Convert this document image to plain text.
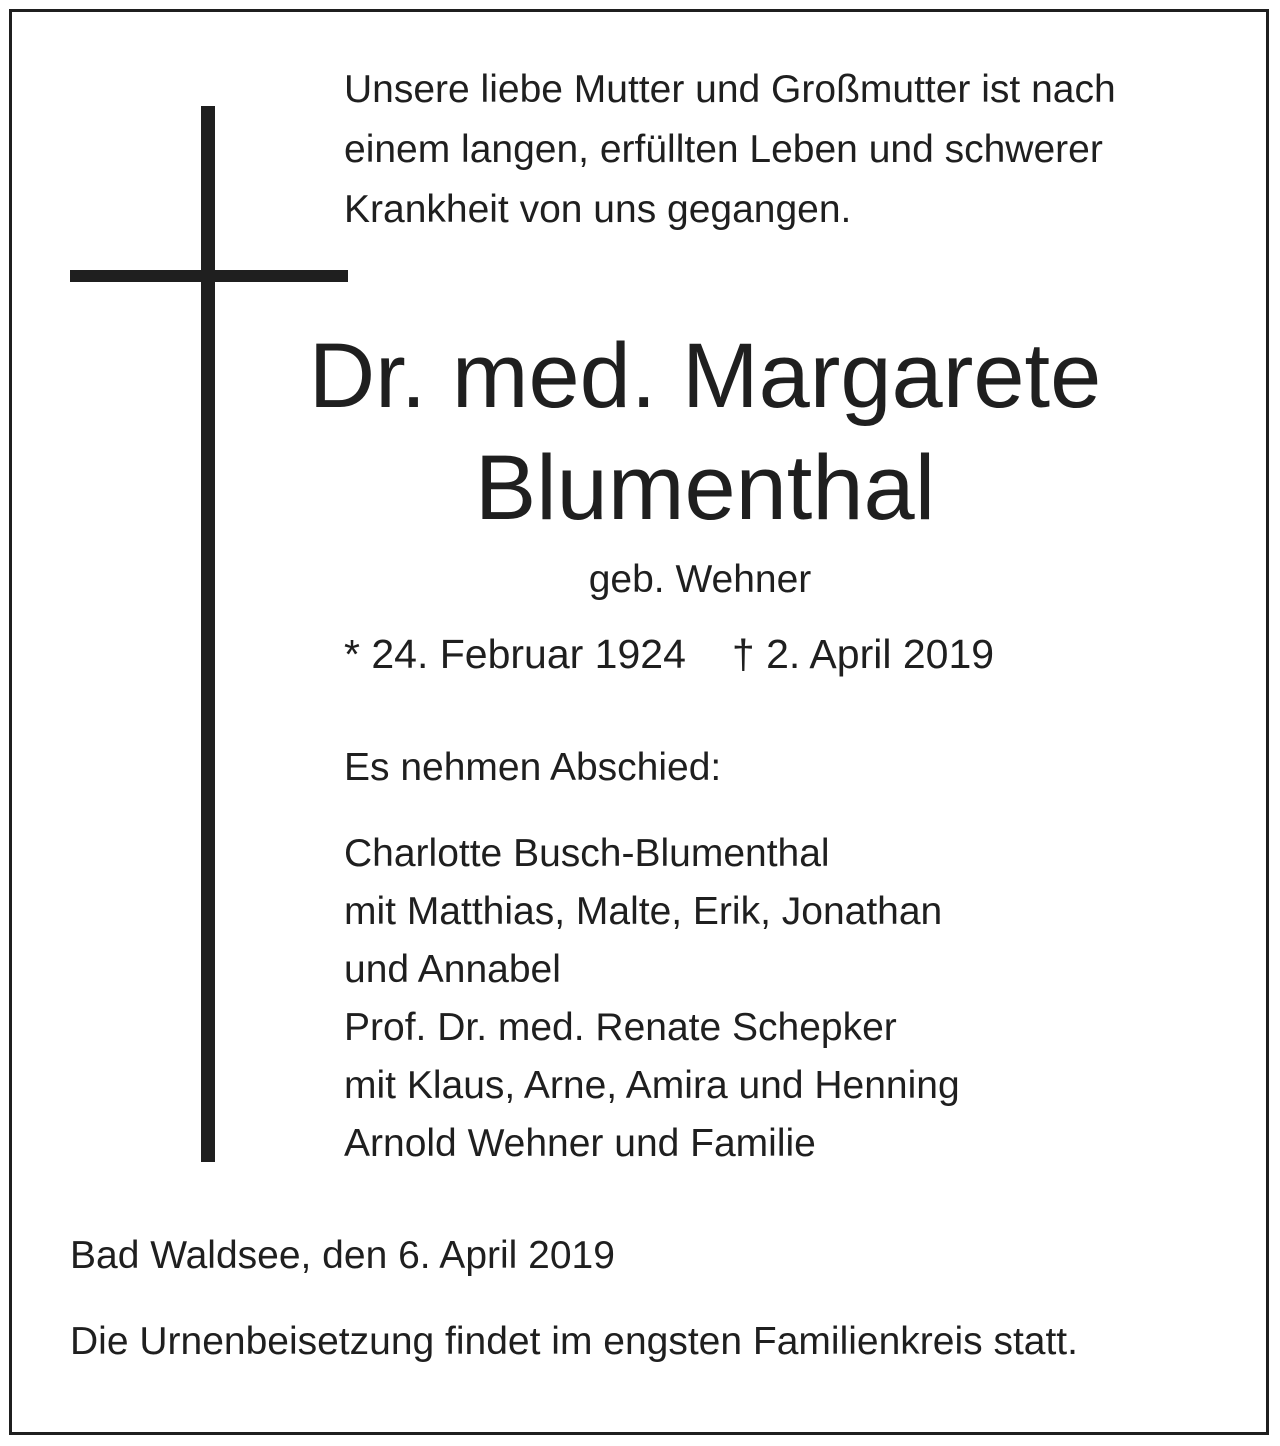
Unsere liebe Mutter und Großmutter ist nach
einem langen, erfüllten Leben und schwerer
Krankheit von uns gegangen.

Dr. med. Margarete
Blumenthal

geb. Wehner

* 24. Februar 1924 † 2. April 2019

Es nehmen Abschied:

Charlotte Busch-Blumenthal
mit Matthias, Malte, Erik, Jonathan
und Annabel
Prof. Dr. med. Renate Schepker
mit Klaus, Arne, Amira und Henning
Arnold Wehner und Familie

Bad Waldsee, den 6. April 2019

Die Urnenbeisetzung findet im engsten Familienkreis statt.
